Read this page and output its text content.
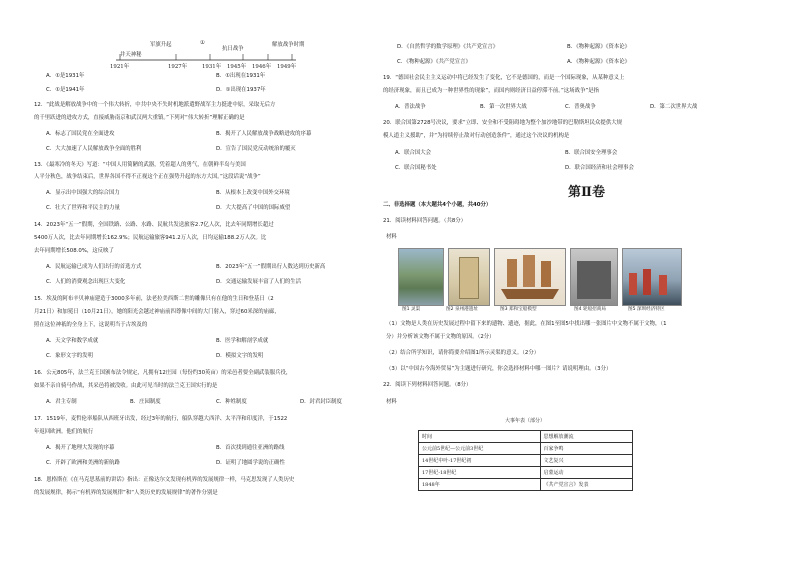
军旗升起	①
抗日战争
解放战争时期
井天神秘
1921年	1927年	1931年 1945年 1946年 1949年
A．①是1931年	B．①出现在1931年
C．①是1941年	D．①出现在1937年
12．“此战是解放战争中的一个伟大转折，中共中央不失时机地派遣野战军主力挺进中原，采取无后方
的千里跃进的进攻方式，直接威胁南京和武汉两大重镇。”下列对“伟大转折”理解正确的是
A．标志了国民党在全面进攻	B．揭开了人民解放战争战略进攻的序幕
C．大大加速了人民解放战争全面的胜利	D．宣告了国民党反动统治的覆灭
13．《最寒冷的冬天》写道：“中国人用简陋的武器，凭着超人的勇气，在朝鲜半岛与美国
人平分秋色，战争结束后，世界各国不得不正视这个正在强势升起的东方大国。”这段话说“战争”
A．显示出中国强大的综合国力	B．从根本上改变中国外交环境
C．壮大了世界和平民主的力量	D．大大提高了中国的国际威望
14．2023年“五一”假期，全国铁路、公路、水路、民航共发送旅客2.7亿人次，比去年同期增长超过
5400万人次，比去年同期增长162.9%；民航运输旅客941.2万人次，日均运输188.2万人次。比
去年同期增长508.0%，这反映了
A．民航运输已成为人们出行的首选方式	B．2023年“五一”假期出行人数达到历史新高
C．人们的消费观念出现巨大变化	D．交通运输发展丰富了人们的生活
15．埃及的阿布辛贝神庙建造于3000多年前，法老拉美西斯二世的雕像只有在他的生日和登基日（2
月21日）和加冕日（10月21日），她的阳光会越过神庙前四尊像中间的大门射入，穿过60米深的庙廊，
照在这位神祇的全身上下，这说明当于古埃及的
A．天文学和数学成就	B．医学和解剖学成就
C．象形文字的发明	D．模拟文字的发明
16．公元805年，法兰克王国颁布法令规定，凡拥有12庄园（每份约30英亩）的采邑者要全副武装服兵役，
如果不亲自骑马作战，其采邑将被没收。由此可见当时的法兰克王国实行的是
A．君主专制	B．庄园制度	C．种姓制度	D．封君封臣制度
17．1519年，麦哲伦率船队从西班牙出发，经过3年的航行，船队穿越大西洋、太平洋和印度洋，于1522
年返回欧洲。他们的航行
A．揭开了地理大发现的序幕	B．首次找到通往亚洲的路线
C．开辟了欧洲和美洲的新航路	D．证明了地圆学说的正确性
18．恩格斯在《在马克思墓前的讲话》指出：正像达尔文发现有机界的发展规律一样，马克思发现了人类历史
的发展规律，揭示“有机界的发展规律”和“人类历史的发展规律”的著作分别是
D．《自然哲学的数学原理》《共产党宣言》	B．《物种起源》《资本论》
C．《物种起源》《共产党宣言》	A．《物种起源》《资本论》
19．“德国社会民主主义运动中将已经发生了变化，它不是德国的，而是一个国际现象，从某种意义上
的经济现象，而且已成为一种世界性的现象”，而国内则经济日益停滞不前。”这场战争”是指
A．普法战争	B．第一次世界大战	C．普奥战争	D．第二次世界大战
20．联合国第2728号决议，要求“立即、安全和不受阻碍地为整个加沙地带的巴勒斯坦民众提供大规
模人道主义援助”，并“为持续停止敌对行动创造条件”，通过这个决议的机构是
A．联合国大会	B．联合国安全理事会
C．联合国秘书处	D．联合国经济和社会理事会
第Ⅱ卷
二、非选择题（本大题共4个小题，共40分）
21．阅读材料回答问题。（共8分）
材料
图1 灵渠	图2 泉州港遗址	图3 郑和宝船模型	图4 轮船招商局	图5 深圳经济特区
（1）文物是人类在历史发展过程中留下来的遗物、遗迹，据此，在图1至图5中找出哪一张图片中文物不属于文物，（1
分）并分析该文物不属于文物的原因。（2分）
（2）结合所学知识，请你简要介绍图1所示灵渠的意义。（2分）
（3）以“中国古今海外贸易”为主题进行研究，你会选择材料中哪一图片？请说明理由。（3分）
22．阅读下列材料回答问题。（8分）
材料
大事年表（部分）
时间	思想解放潮流
公元前5世纪—公元前3世纪	百家争鸣
14世纪中叶-17世纪初	文艺复兴
17世纪-18世纪	启蒙运动
1848年	《共产党宣言》发表
